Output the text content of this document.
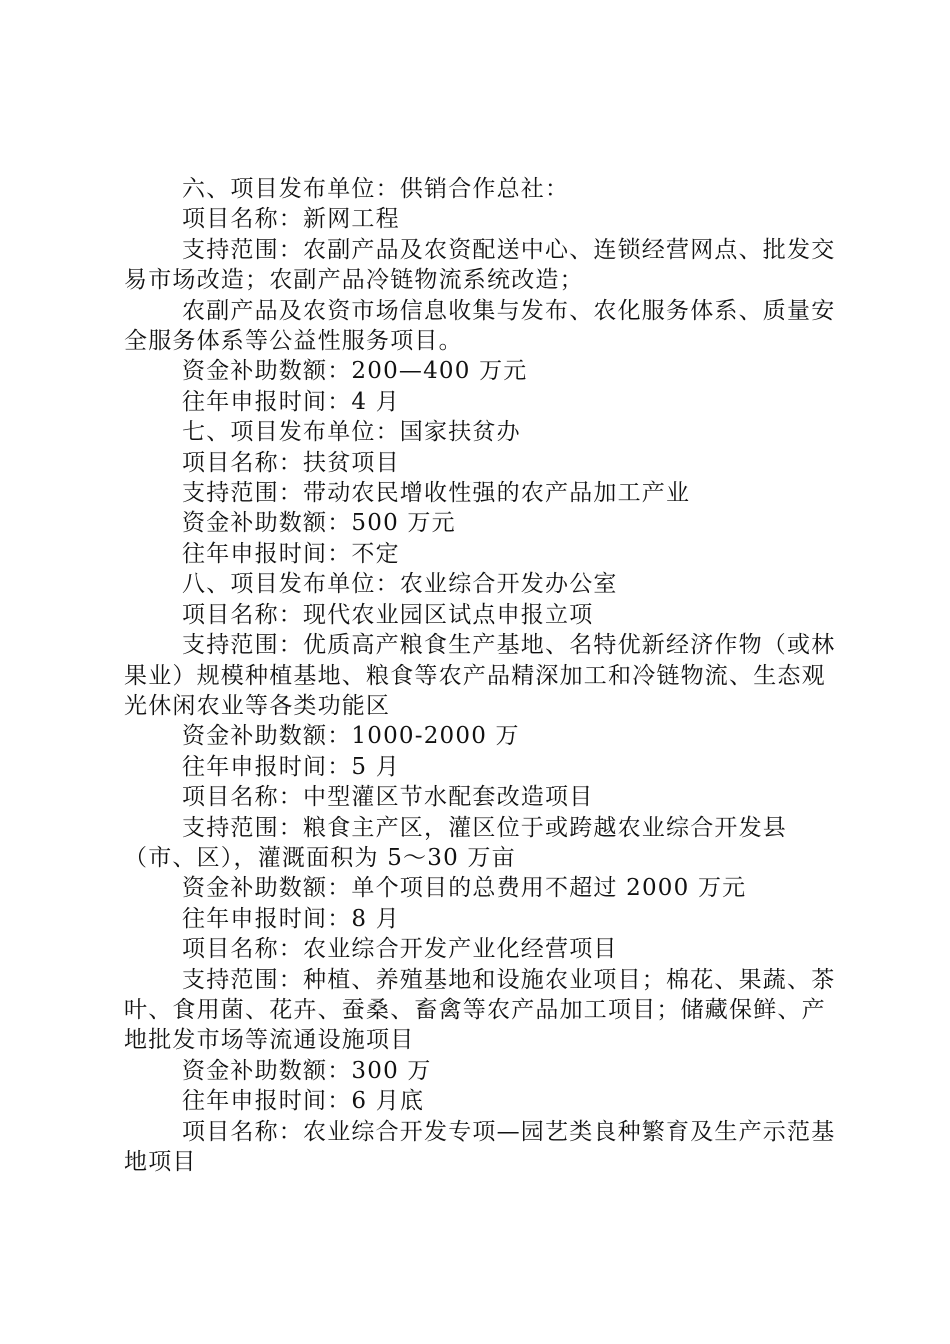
六、项目发布单位：供销合作总社：

项目名称：新网工程

支持范围：农副产品及农资配送中心、连锁经营网点、批发交易市场改造；农副产品冷链物流系统改造；

农副产品及农资市场信息收集与发布、农化服务体系、质量安全服务体系等公益性服务项目。

资金补助数额：200—400 万元

往年申报时间：4 月

七、项目发布单位：国家扶贫办

项目名称：扶贫项目

支持范围：带动农民增收性强的农产品加工产业

资金补助数额：500 万元

往年申报时间：不定

八、项目发布单位：农业综合开发办公室

项目名称：现代农业园区试点申报立项

支持范围：优质高产粮食生产基地、名特优新经济作物（或林果业）规模种植基地、粮食等农产品精深加工和冷链物流、生态观光休闲农业等各类功能区

资金补助数额：1000-2000 万

往年申报时间：5 月

项目名称：中型灌区节水配套改造项目

支持范围：粮食主产区，灌区位于或跨越农业综合开发县（市、区），灌溉面积为 5～30 万亩

资金补助数额：单个项目的总费用不超过 2000 万元

往年申报时间：8 月

项目名称：农业综合开发产业化经营项目

支持范围：种植、养殖基地和设施农业项目；棉花、果蔬、茶叶、食用菌、花卉、蚕桑、畜禽等农产品加工项目；储藏保鲜、产地批发市场等流通设施项目

资金补助数额：300 万

往年申报时间：6 月底

项目名称：农业综合开发专项—园艺类良种繁育及生产示范基地项目
